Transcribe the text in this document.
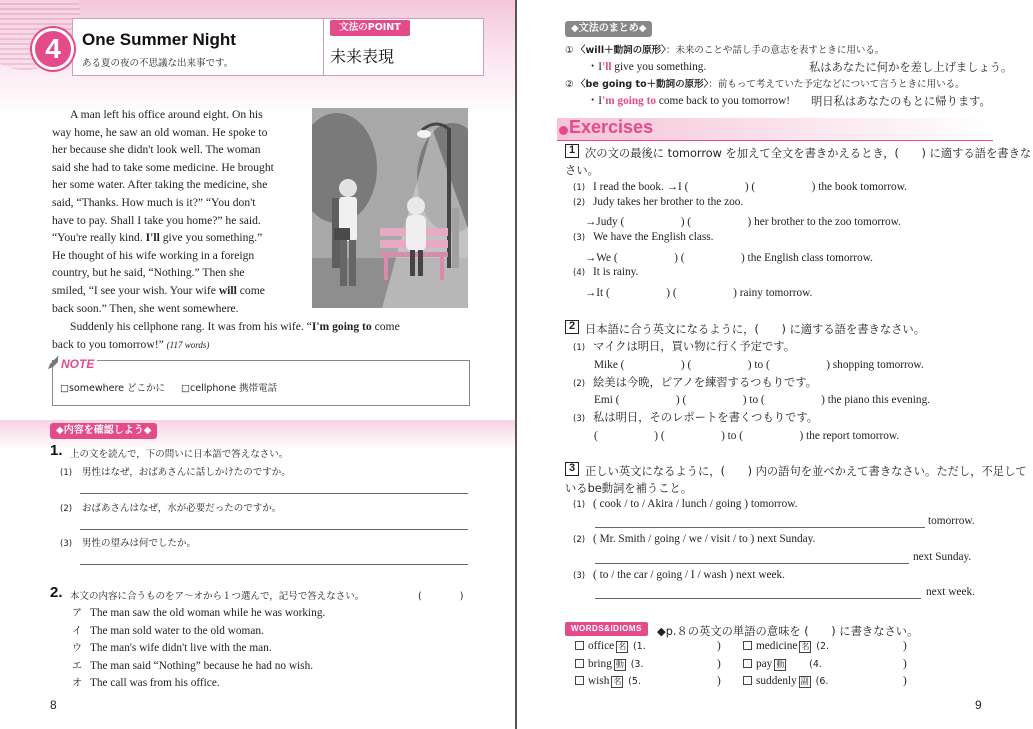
4	One Summer Night
ある夏の夜の不思議な出来事です。
文法のPOINT
未来表現

A man left his office around eight. On his

way home, he saw an old woman. He spoke to
her because she didn't look well. The woman
said she had to take some medicine. He brought
her some water. After taking the medicine, she
said, “Thanks. How much is it?” “You don't
have to pay. Shall I take you home?” he said.
“You're really kind. I'll give you something.”
He thought of his wife working in a foreign
country, but he said, “Nothing.” Then she
smiled, “I see your wish. Your wife will come
back soon.” Then, she went somewhere.

Suddenly his cellphone rang. It was from his wife. “I'm going to come

back to you tomorrow!” (117 words)
NOTE
□somewhere どこかに □cellphone 携帯電話
◆内容を確認しよう◆
1. 上の文を読んで，下の問いに日本語で答えなさい。
(1) 男性はなぜ，おばあさんに話しかけたのですか。
(2) おばあさんはなぜ，水が必要だったのですか。
(3) 男性の望みは何でしたか。
2. 本文の内容に合うものをア～オから１つ選んで，記号で答えなさい。	(　　　　)
ア The man saw the old woman while he was working.
イ The man sold water to the old woman.
ウ The man's wife didn't live with the man.
エ The man said “Nothing” because he had no wish.
オ The call was from his office.
8
◆文法のまとめ◆
① 〈will＋動詞の原形〉：未来のことや話し手の意志を表すときに用いる。
・I'll give you something.	私はあなたに何かを差し上げましょう。
② 〈be going to＋動詞の原形〉：前もって考えていた予定などについて言うときに用いる。
・I'm going to come back to you tomorrow! 明日私はあなたのもとに帰ります。
Exercises
1 次の文の最後に tomorrow を加えて全文を書きかえるとき，(　　) に適する語を書きな
さい。
(1) I read the book. →I (　　　　　) (　　　　　) the book tomorrow.
(2) Judy takes her brother to the zoo.
→Judy (　　　　　) (　　　　　) her brother to the zoo tomorrow.
(3) We have the English class.
→We (　　　　　) (　　　　　) the English class tomorrow.
(4) It is rainy.
→It (　　　　　) (　　　　　) rainy tomorrow.
2 日本語に合う英文になるように，(　　) に適する語を書きなさい。
(1) マイクは明日，買い物に行く予定です。
Mike (　　　　　) (　　　　　) to (　　　　　) shopping tomorrow.
(2) 絵美は今晩，ピアノを練習するつもりです。
Emi (　　　　　) (　　　　　) to (　　　　　) the piano this evening.
(3) 私は明日，そのレポートを書くつもりです。
(　　　　　) (　　　　　) to (　　　　　) the report tomorrow.
3 正しい英文になるように，(　　) 内の語句を並べかえて書きなさい。ただし，不足して
いるbe動詞を補うこと。
(1) ( cook / to / Akira / lunch / going ) tomorrow.
tomorrow.
(2) ( Mr. Smith / going / we / visit / to ) next Sunday.
next Sunday.
(3) ( to / the car / going / I / wash ) next week.
next week.
WORDS&IDIOMS	◆p.８の英文の単語の意味を (　　) に書きなさい。
office 名 (1.	)	medicine 名 (2.	)
bring 動 (3.	)	pay 動	(4.	)
wish 名 (5.	)	suddenly 副 (6.	)
9
